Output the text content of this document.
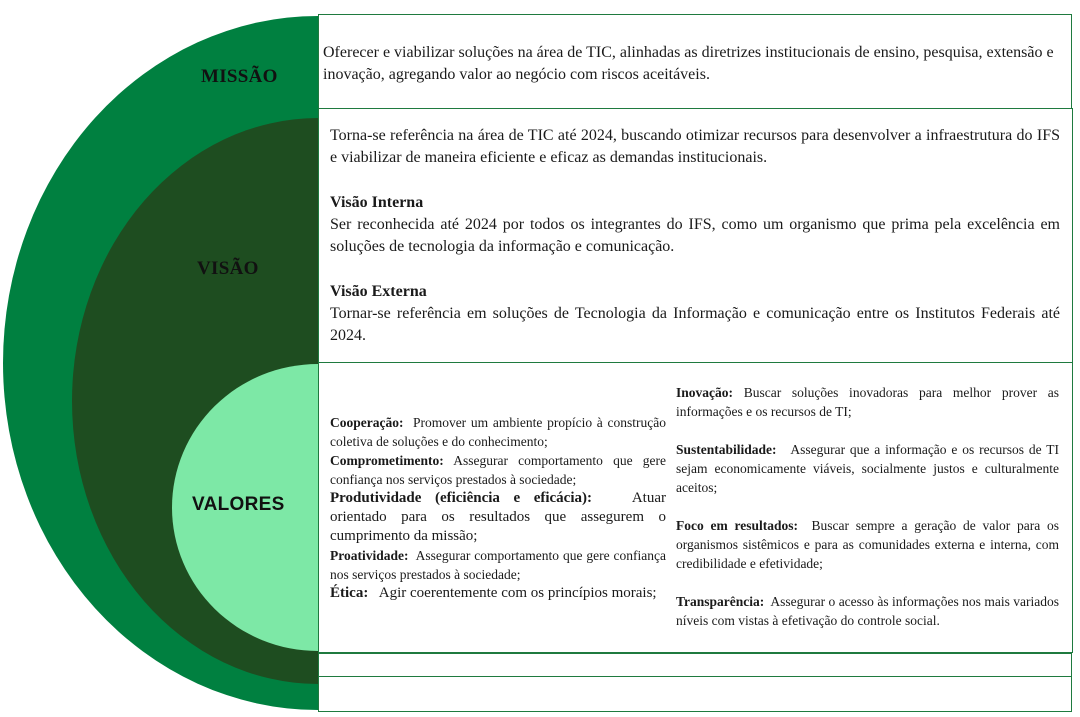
MISSÃO
VISÃO
VALORES
Oferecer e viabilizar soluções na área de TIC, alinhadas as diretrizes institucionais de ensino, pesquisa, extensão e inovação, agregando valor ao negócio com riscos aceitáveis.
Torna-se referência na área de TIC até 2024, buscando otimizar recursos para desenvolver a infraestrutura do IFS e viabilizar de maneira eficiente e eficaz as demandas institucionais.
Visão Interna
Ser reconhecida até 2024 por todos os integrantes do IFS, como um organismo que prima pela excelência em soluções de tecnologia da informação e comunicação.
Visão Externa
Tornar-se referência em soluções de Tecnologia da Informação e comunicação entre os Institutos Federais até 2024.
Cooperação: Promover um ambiente propício à construção coletiva de soluções e do conhecimento;
Comprometimento: Assegurar comportamento que gere confiança nos serviços prestados à sociedade;
Produtividade (eficiência e eficácia):	Atuar orientado para os resultados que assegurem o cumprimento da missão;
Proatividade: Assegurar comportamento que gere confiança nos serviços prestados à sociedade;
Ética: Agir coerentemente com os princípios morais;
Inovação: Buscar soluções inovadoras para melhor prover as informações e os recursos de TI;
Sustentabilidade: Assegurar que a informação e os recursos de TI sejam economicamente viáveis, socialmente justos e culturalmente aceitos;
Foco em resultados: Buscar sempre a geração de valor para os organismos sistêmicos e para as comunidades externa e interna, com credibilidade e efetividade;
Transparência: Assegurar o acesso às informações nos mais variados níveis com vistas à efetivação do controle social.
